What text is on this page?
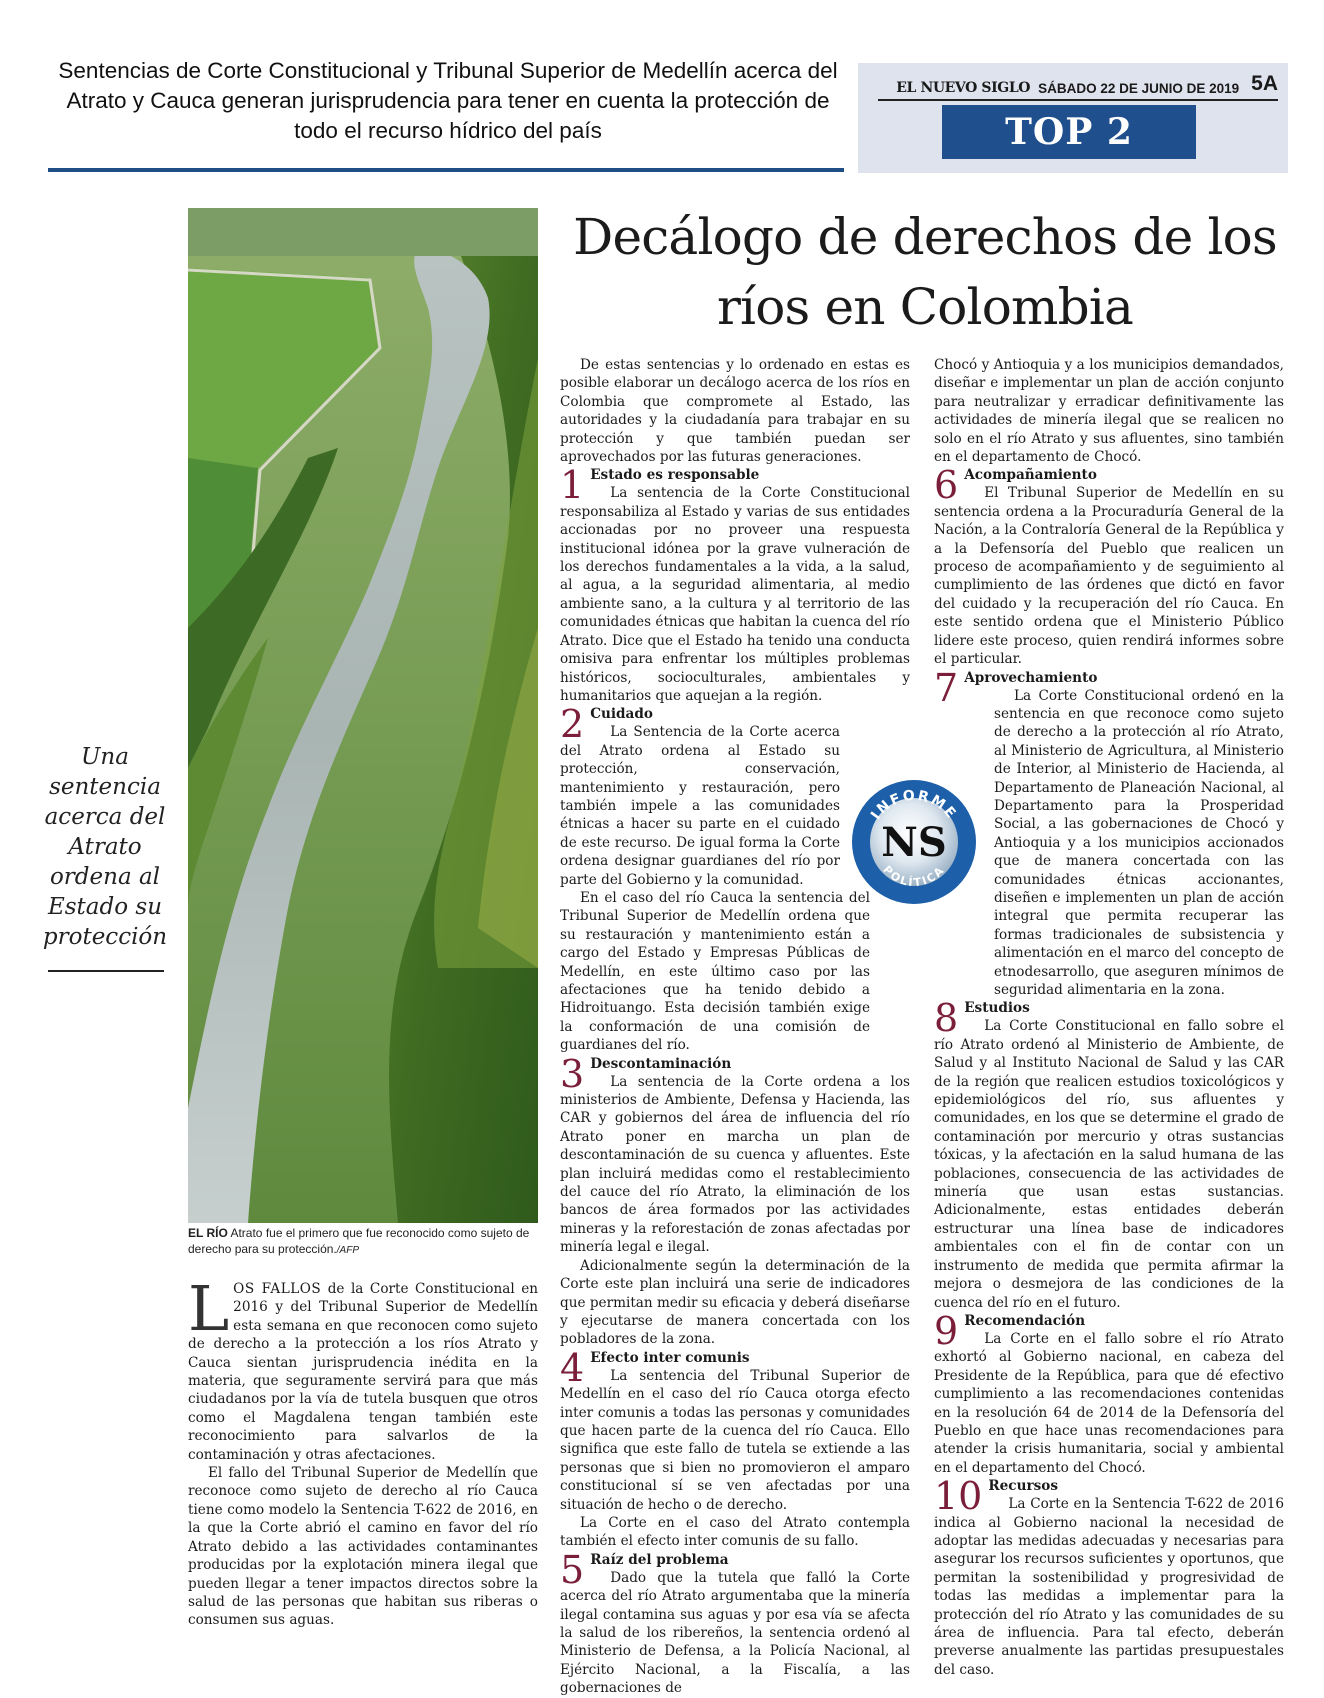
Sentencias de Corte Constitucional y Tribunal Superior de Medellín acerca del Atrato y Cauca generan jurisprudencia para tener en cuenta la protección de todo el recurso hídrico del país
EL NUEVO SIGLO SÁBADO 22 DE JUNIO DE 2019 5A
TOP 2
EL RÍO Atrato fue el primero que fue reconocido como sujeto de derecho para su protección./AFP
Una sentencia acerca del Atrato ordena al Estado su protección
Decálogo de derechos de los ríos en Colombia

LOS FALLOS de la Corte Constitucional en 2016 y del Tribunal Superior de Medellín esta semana en que reconocen como sujeto de derecho a la protección a los ríos Atrato y Cauca sientan jurisprudencia inédita en la materia, que seguramente servirá para que más ciudadanos por la vía de tutela busquen que otros como el Magdalena tengan también este reconocimiento para salvarlos de la contaminación y otras afectaciones.

El fallo del Tribunal Superior de Medellín que reconoce como sujeto de derecho al río Cauca tiene como modelo la Sentencia T-622 de 2016, en la que la Corte abrió el camino en favor del río Atrato debido a las actividades contaminantes producidas por la explotación minera ilegal que pueden llegar a tener impactos directos sobre la salud de las personas que habitan sus riberas o consumen sus aguas.

De estas sentencias y lo ordenado en estas es posible elaborar un decálogo acerca de los ríos en Colombia que compromete al Estado, las autoridades y la ciudadanía para trabajar en su protección y que también puedan ser aprovechados por las futuras generaciones.

1 Estado es responsable

La sentencia de la Corte Constitucional responsabiliza al Estado y varias de sus entidades accionadas por no proveer una respuesta institucional idónea por la grave vulneración de los derechos fundamentales a la vida, a la salud, al agua, a la seguridad alimentaria, al medio ambiente sano, a la cultura y al territorio de las comunidades étnicas que habitan la cuenca del río Atrato. Dice que el Estado ha tenido una conducta omisiva para enfrentar los múltiples problemas históricos, socioculturales, ambientales y humanitarios que aquejan a la región.

2 Cuidado

La Sentencia de la Corte acerca del Atrato ordena al Estado su protección, conservación, mantenimiento y restauración, pero también impele a las comunidades étnicas a hacer su parte en el cuidado de este recurso. De igual forma la Corte ordena designar guardianes del río por parte del Gobierno y la comunidad.

En el caso del río Cauca la sentencia del Tribunal Superior de Medellín ordena que su restauración y mantenimiento están a cargo del Estado y Empresas Públicas de Medellín, en este último caso por las afectaciones que ha tenido debido a Hidroituango. Esta decisión también exige la conformación de una comisión de guardianes del río.

3 Descontaminación

La sentencia de la Corte ordena a los ministerios de Ambiente, Defensa y Hacienda, las CAR y gobiernos del área de influencia del río Atrato poner en marcha un plan de descontaminación de su cuenca y afluentes. Este plan incluirá medidas como el restablecimiento del cauce del río Atrato, la eliminación de los bancos de área formados por las actividades mineras y la reforestación de zonas afectadas por minería legal e ilegal.

Adicionalmente según la determinación de la Corte este plan incluirá una serie de indicadores que permitan medir su eficacia y deberá diseñarse y ejecutarse de manera concertada con los pobladores de la zona.

4 Efecto inter comunis

La sentencia del Tribunal Superior de Medellín en el caso del río Cauca otorga efecto inter comunis a todas las personas y comunidades que hacen parte de la cuenca del río Cauca. Ello significa que este fallo de tutela se extiende a las personas que si bien no promovieron el amparo constitucional sí se ven afectadas por una situación de hecho o de derecho.

La Corte en el caso del Atrato contempla también el efecto inter comunis de su fallo.

5 Raíz del problema

Dado que la tutela que falló la Corte acerca del río Atrato argumentaba que la minería ilegal contamina sus aguas y por esa vía se afecta la salud de los ribereños, la sentencia ordenó al Ministerio de Defensa, a la Policía Nacional, al Ejército Nacional, a la Fiscalía, a las gobernaciones de

Chocó y Antioquia y a los municipios demandados, diseñar e implementar un plan de acción conjunto para neutralizar y erradicar definitivamente las actividades de minería ilegal que se realicen no solo en el río Atrato y sus afluentes, sino también en el departamento de Chocó.

6 Acompañamiento

El Tribunal Superior de Medellín en su sentencia ordena a la Procuraduría General de la Nación, a la Contraloría General de la República y a la Defensoría del Pueblo que realicen un proceso de acompañamiento y de seguimiento al cumplimiento de las órdenes que dictó en favor del cuidado y la recuperación del río Cauca. En este sentido ordena que el Ministerio Público lidere este proceso, quien rendirá informes sobre el particular.

7 Aprovechamiento

La Corte Constitucional ordenó en la sentencia en que reconoce como sujeto de derecho a la protección al río Atrato, al Ministerio de Agricultura, al Ministerio de Interior, al Ministerio de Hacienda, al Departamento de Planeación Nacional, al Departamento para la Prosperidad Social, a las gobernaciones de Chocó y Antioquia y a los municipios accionados que de manera concertada con las comunidades étnicas accionantes, diseñen e implementen un plan de acción integral que permita recuperar las formas tradicionales de subsistencia y alimentación en el marco del concepto de etnodesarrollo, que aseguren mínimos de seguridad alimentaria en la zona.

8 Estudios

La Corte Constitucional en fallo sobre el río Atrato ordenó al Ministerio de Ambiente, de Salud y al Instituto Nacional de Salud y las CAR de la región que realicen estudios toxicológicos y epidemiológicos del río, sus afluentes y comunidades, en los que se determine el grado de contaminación por mercurio y otras sustancias tóxicas, y la afectación en la salud humana de las poblaciones, consecuencia de las actividades de minería que usan estas sustancias. Adicionalmente, estas entidades deberán estructurar una línea base de indicadores ambientales con el fin de contar con un instrumento de medida que permita afirmar la mejora o desmejora de las condiciones de la cuenca del río en el futuro.

9 Recomendación

La Corte en el fallo sobre el río Atrato exhortó al Gobierno nacional, en cabeza del Presidente de la República, para que dé efectivo cumplimiento a las recomendaciones contenidas en la resolución 64 de 2014 de la Defensoría del Pueblo en que hace unas recomendaciones para atender la crisis humanitaria, social y ambiental en el departamento del Chocó.

10 Recursos

La Corte en la Sentencia T-622 de 2016 indica al Gobierno nacional la necesidad de adoptar las medidas adecuadas y necesarias para asegurar los recursos suficientes y oportunos, que permitan la sostenibilidad y progresividad de todas las medidas a implementar para la protección del río Atrato y las comunidades de su área de influencia. Para tal efecto, deberán preverse anualmente las partidas presupuestales del caso.

INFORME
NS
POLÍTICA
